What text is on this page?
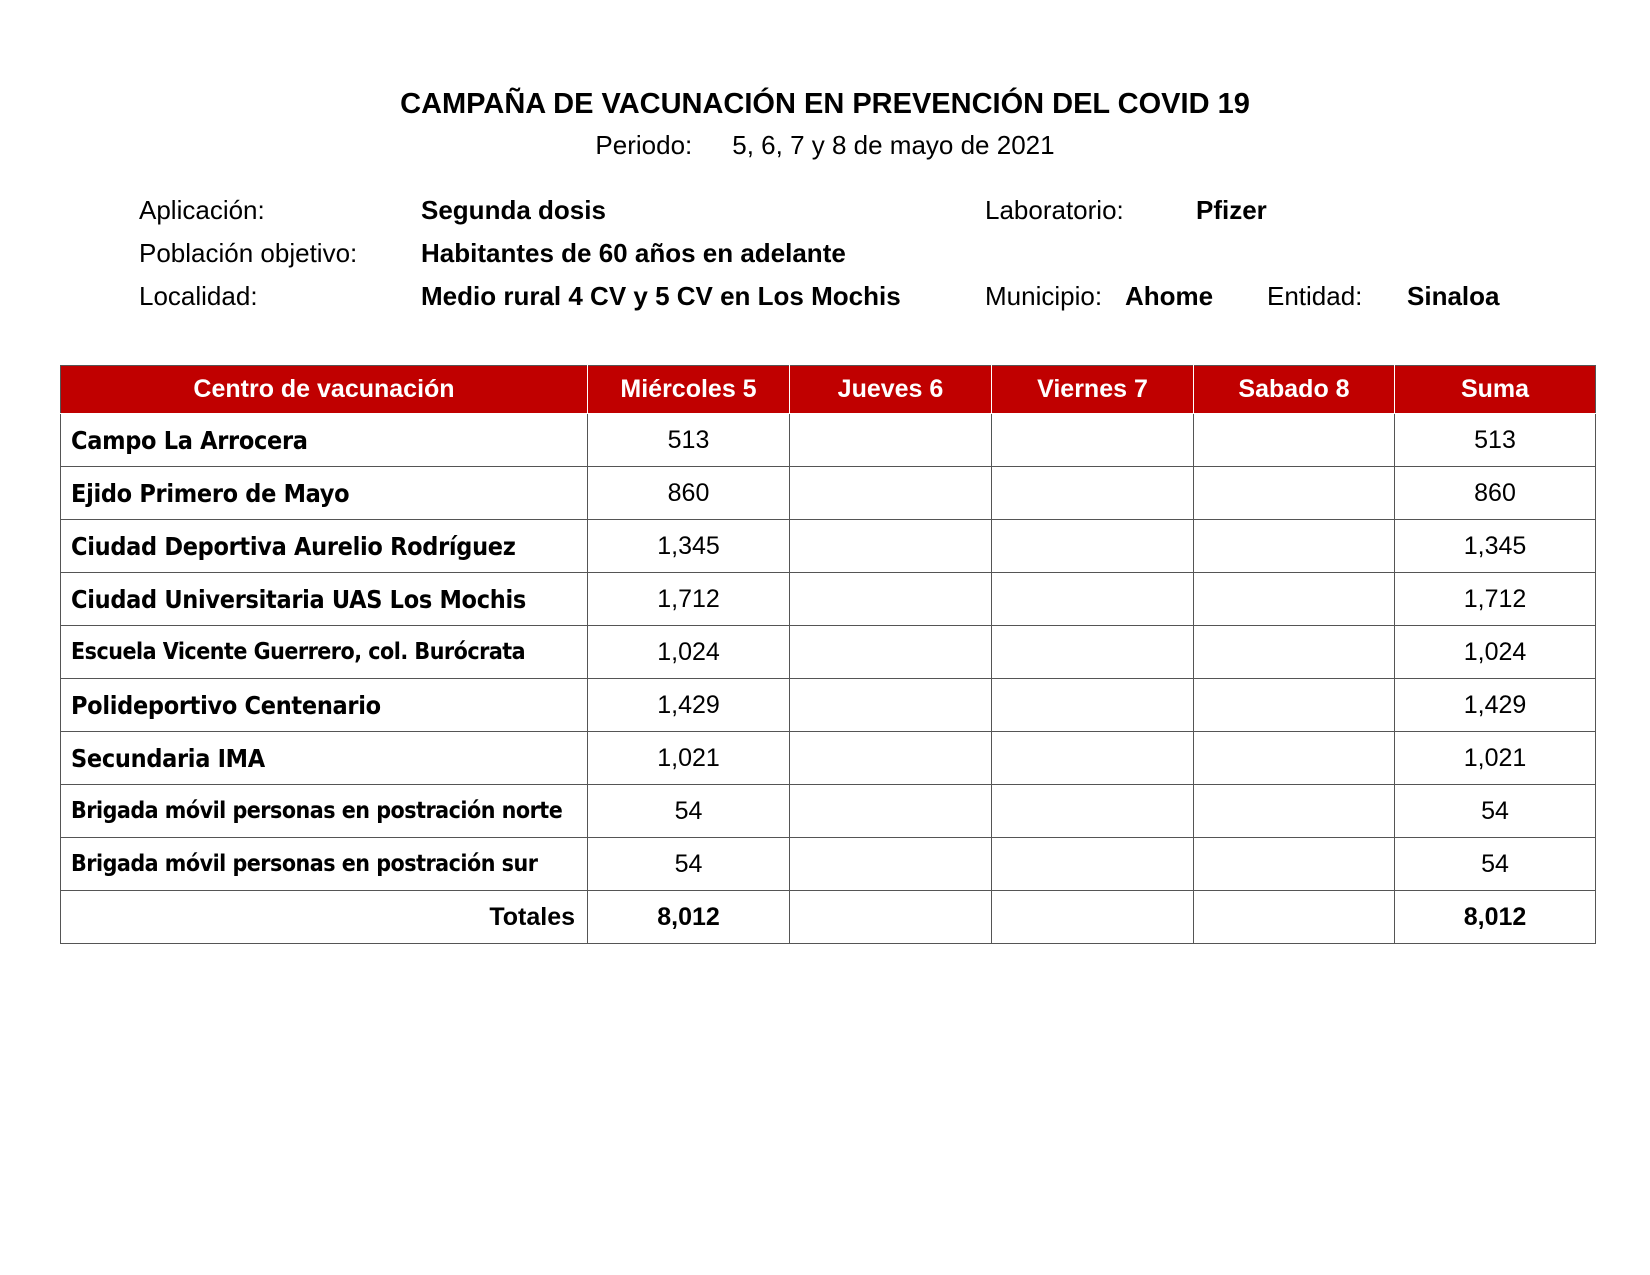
CAMPAÑA DE VACUNACIÓN EN PREVENCIÓN DEL COVID 19
Periodo: 5, 6, 7 y 8 de mayo de 2021
Aplicación:	Segunda dosis	Laboratorio:	Pfizer
Población objetivo: Habitantes de 60 años en adelante
Localidad:	Medio rural 4 CV y 5 CV en Los Mochis	Municipio: Ahome Entidad: Sinaloa
Centro de vacunación	Miércoles 5	Jueves 6	Viernes 7	Sabado 8	Suma
Campo La Arrocera	513				513
Ejido Primero de Mayo	860				860
Ciudad Deportiva Aurelio Rodríguez	1,345				1,345
Ciudad Universitaria UAS Los Mochis	1,712				1,712
Escuela Vicente Guerrero, col. Burócrata	1,024				1,024
Polideportivo Centenario	1,429				1,429
Secundaria IMA	1,021				1,021
Brigada móvil personas en postración norte	54				54
Brigada móvil personas en postración sur	54				54
Totales	8,012				8,012
